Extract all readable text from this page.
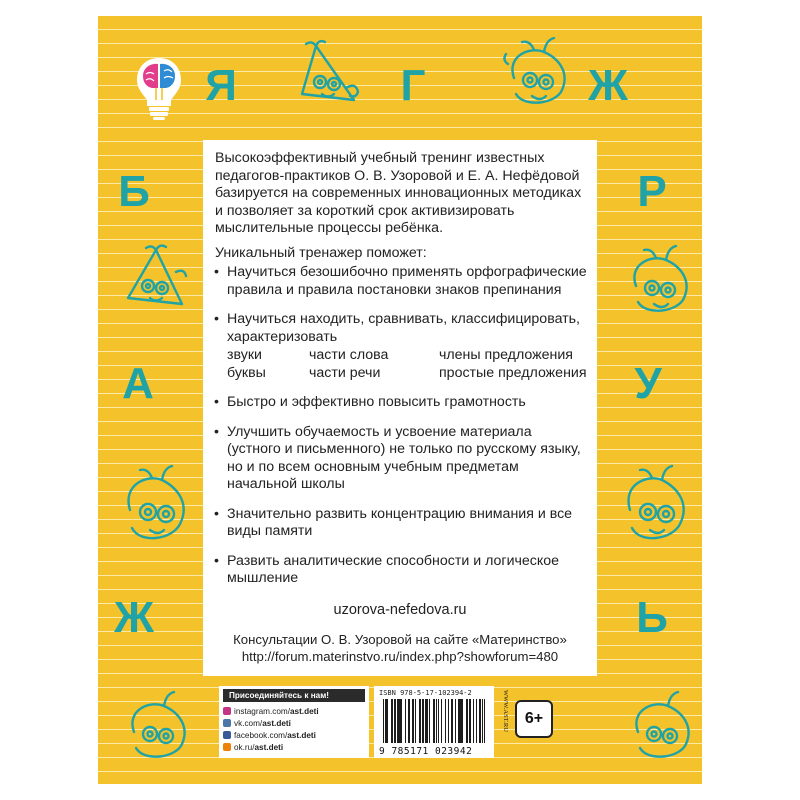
Я	Г	Ж
Б	Р
А	У
Ж	Ь

Высокоэффективный учебный тренинг известных педагогов-практиков О. В. Узоровой и Е. А. Нефёдовой базируется на современных инновационных методиках и позволяет за короткий срок активизировать мыслительные процессы ребёнка.

Уникальный тренажер поможет:

• Научиться безошибочно применять орфографические правила и правила постановки знаков препинания
• Научиться находить, сравнивать, классифицировать, характеризовать
звуки	части слова	члены предложения
буквы	части речи	простые предложения
• Быстро и эффективно повысить грамотность
• Улучшить обучаемость и усвоение материала (устного и письменного) не только по русскому языку, но и по всем основным учебным предметам начальной школы
• Значительно развить концентрацию внимания и все виды памяти
• Развить аналитические способности и логическое мышление
uzorova-nefedova.ru
Консультации О. В. Узоровой на сайте «Материнство»
http://forum.materinstvo.ru/index.php?showforum=480
Присоединяйтесь к нам!
instagram.com/ ast.deti
vk.com/ ast.deti
facebook.com/ ast.deti
ok.ru/ ast.deti
ISBN 978-5-17-102394-2
9 785171 023942
WWW.AST.RU 6+
